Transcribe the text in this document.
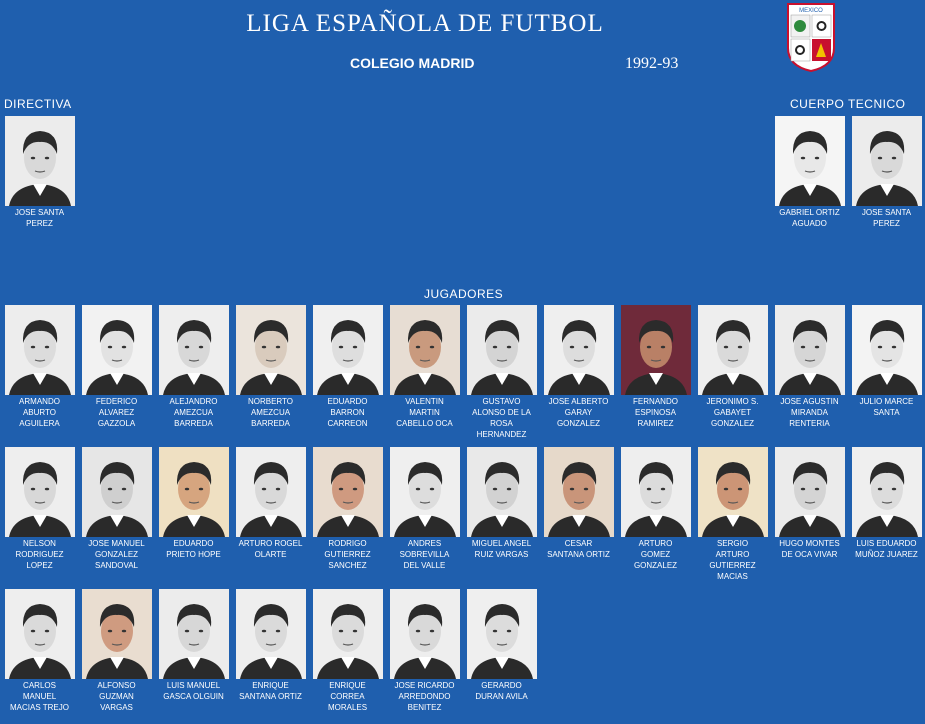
LIGA ESPAÑOLA DE FUTBOL
COLEGIO MADRID	1992-93
MEXICO
DIRECTIVA	CUERPO TECNICO
JUGADORES
JOSE SANTA
PEREZ
GABRIEL ORTIZ
AGUADO
JOSE SANTA
PEREZ
ARMANDO
ABURTO
AGUILERA
FEDERICO
ALVAREZ
GAZZOLA
ALEJANDRO
AMEZCUA
BARREDA
NORBERTO
AMEZCUA
BARREDA
EDUARDO
BARRON
CARREON
VALENTIN
MARTIN
CABELLO OCA
GUSTAVO
ALONSO DE LA
ROSA
HERNANDEZ
JOSE ALBERTO
GARAY
GONZALEZ
FERNANDO
ESPINOSA
RAMIREZ
JERONIMO S.
GABAYET
GONZALEZ
JOSE AGUSTIN
MIRANDA
RENTERIA
JULIO MARCE
SANTA
NELSON
RODRIGUEZ
LOPEZ
JOSE MANUEL
GONZALEZ
SANDOVAL
EDUARDO
PRIETO HOPE
ARTURO ROGEL
OLARTE
RODRIGO
GUTIERREZ
SANCHEZ
ANDRES
SOBREVILLA
DEL VALLE
MIGUEL ANGEL
RUIZ VARGAS
CESAR
SANTANA ORTIZ
ARTURO
GOMEZ
GONZALEZ
SERGIO
ARTURO
GUTIERREZ
MACIAS
HUGO MONTES
DE OCA VIVAR
LUIS EDUARDO
MUÑOZ JUAREZ
CARLOS
MANUEL
MACIAS TREJO
ALFONSO
GUZMAN
VARGAS
LUIS MANUEL
GASCA OLGUIN
ENRIQUE
SANTANA ORTIZ
ENRIQUE
CORREA
MORALES
JOSE RICARDO
ARREDONDO
BENITEZ
GERARDO
DURAN AVILA
